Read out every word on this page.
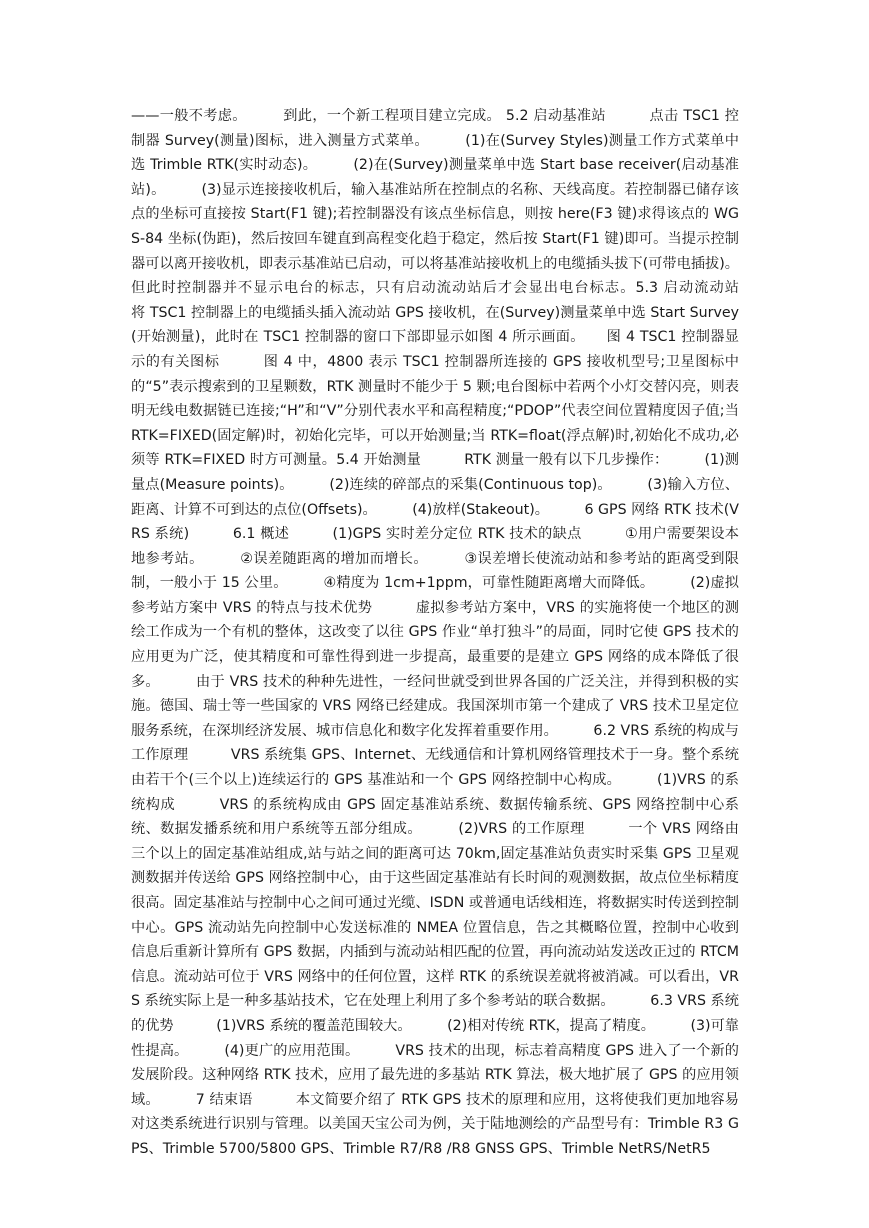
——一般不考虑。　　　到此，一个新工程项目建立完成。 5.2 启动基准站　　　点击 TSC1 控制器 Survey(测量)图标，进入测量方式菜单。　　　(1)在(Survey Styles)测量工作方式菜单中选 Trimble RTK(实时动态)。　　　(2)在(Survey)测量菜单中选 Start base receiver(启动基准站)。　　　(3)显示连接接收机后，输入基准站所在控制点的名称、天线高度。若控制器已储存该点的坐标可直接按 Start(F1 键);若控制器没有该点坐标信息，则按 here(F3 键)求得该点的 WGS-84 坐标(伪距)，然后按回车键直到高程变化趋于稳定，然后按 Start(F1 键)即可。当提示控制器可以离开接收机，即表示基准站已启动，可以将基准站接收机上的电缆插头拔下(可带电插拔)。但此时控制器并不显示电台的标志，只有启动流动站后才会显出电台标志。5.3 启动流动站　　　将 TSC1 控制器上的电缆插头插入流动站 GPS 接收机，在(Survey)测量菜单中选 Start Survey(开始测量)，此时在 TSC1 控制器的窗口下部即显示如图 4 所示画面。　　图 4 TSC1 控制器显示的有关图标　　　图 4 中，4800 表示 TSC1 控制器所连接的 GPS 接收机型号;卫星图标中的“5”表示搜索到的卫星颗数，RTK 测量时不能少于 5 颗;电台图标中若两个小灯交替闪亮，则表明无线电数据链已连接;“H”和“V”分别代表水平和高程精度;“PDOP”代表空间位置精度因子值;当 RTK=FIXED(固定解)时，初始化完毕，可以开始测量;当 RTK=float(浮点解)时,初始化不成功,必须等 RTK=FIXED 时方可测量。5.4 开始测量　　　RTK 测量一般有以下几步操作：　　　(1)测量点(Measure points)。　　　(2)连续的碎部点的采集(Continuous top)。　　　(3)输入方位、距离、计算不可到达的点位(Offsets)。　　　(4)放样(Stakeout)。　　　6 GPS 网络 RTK 技术(VRS 系统)　　　6.1 概述　　　(1)GPS 实时差分定位 RTK 技术的缺点　　　①用户需要架设本地参考站。　　　②误差随距离的增加而增长。　　　③误差增长使流动站和参考站的距离受到限制，一般小于 15 公里。　　　④精度为 1cm+1ppm，可靠性随距离增大而降低。　　　(2)虚拟参考站方案中 VRS 的特点与技术优势　　　虚拟参考站方案中，VRS 的实施将使一个地区的测绘工作成为一个有机的整体，这改变了以往 GPS 作业“单打独斗”的局面，同时它使 GPS 技术的应用更为广泛，使其精度和可靠性得到进一步提高，最重要的是建立 GPS 网络的成本降低了很多。　　　由于 VRS 技术的种种先进性，一经问世就受到世界各国的广泛关注，并得到积极的实施。德国、瑞士等一些国家的 VRS 网络已经建成。我国深圳市第一个建成了 VRS 技术卫星定位服务系统，在深圳经济发展、城市信息化和数字化发挥着重要作用。　　　6.2 VRS 系统的构成与工作原理　　　VRS 系统集 GPS、Internet、无线通信和计算机网络管理技术于一身。整个系统由若干个(三个以上)连续运行的 GPS 基准站和一个 GPS 网络控制中心构成。　　　(1)VRS 的系统构成　　　VRS 的系统构成由 GPS 固定基准站系统、数据传输系统、GPS 网络控制中心系统、数据发播系统和用户系统等五部分组成。　　　(2)VRS 的工作原理　　　一个 VRS 网络由三个以上的固定基准站组成,站与站之间的距离可达 70km,固定基准站负责实时采集 GPS 卫星观测数据并传送给 GPS 网络控制中心，由于这些固定基准站有长时间的观测数据，故点位坐标精度很高。固定基准站与控制中心之间可通过光缆、ISDN 或普通电话线相连，将数据实时传送到控制中心。GPS 流动站先向控制中心发送标准的 NMEA 位置信息，告之其概略位置，控制中心收到信息后重新计算所有 GPS 数据，内插到与流动站相匹配的位置，再向流动站发送改正过的 RTCM 信息。流动站可位于 VRS 网络中的任何位置，这样 RTK 的系统误差就将被消减。可以看出，VRS 系统实际上是一种多基站技术，它在处理上利用了多个参考站的联合数据。　　　6.3 VRS 系统的优势　　　(1)VRS 系统的覆盖范围较大。　　　(2)相对传统 RTK，提高了精度。　　　(3)可靠性提高。　　　(4)更广的应用范围。　　　VRS 技术的出现，标志着高精度 GPS 进入了一个新的发展阶段。这种网络 RTK 技术，应用了最先进的多基站 RTK 算法，极大地扩展了 GPS 的应用领域。　　　7 结束语　　　本文简要介绍了 RTK GPS 技术的原理和应用，这将使我们更加地容易对这类系统进行识别与管理。以美国天宝公司为例，关于陆地测绘的产品型号有：Trimble R3 GPS、Trimble 5700/5800 GPS、Trimble R7/R8 /R8 GNSS GPS、Trimble NetRS/NetR5
